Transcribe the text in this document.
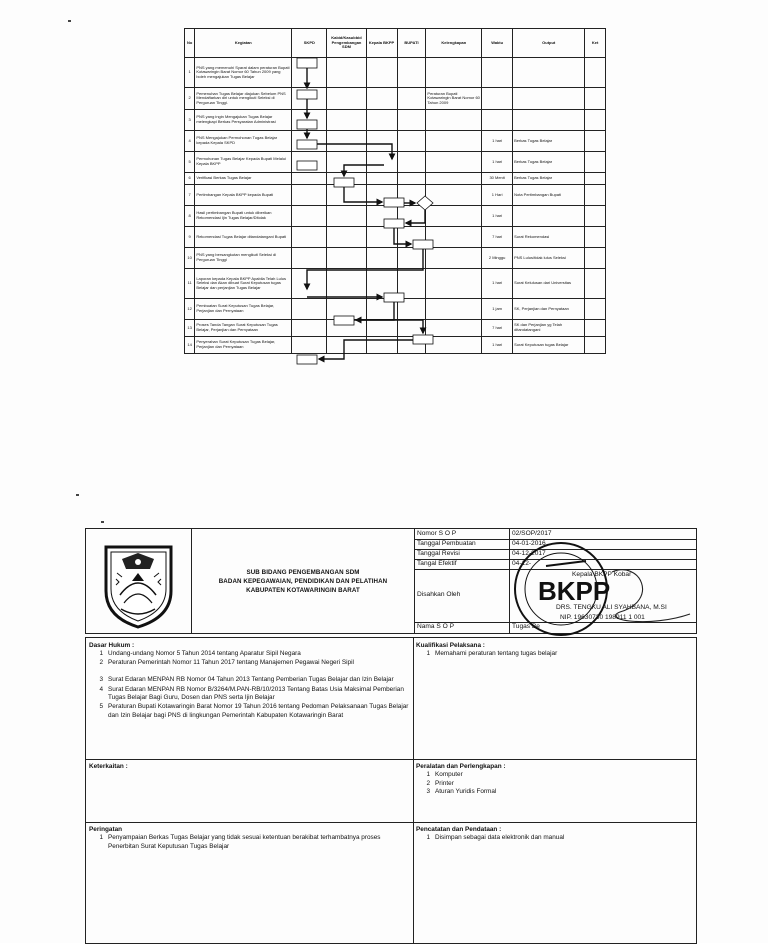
No	Kegiatan	SKPD	Kabid/Kasubbid Pengembangan SDM	Kepala BKPP	BUPATI	Kelengkapan	Waktu	Output	Ket
1	PNS yang memenuhi Syarat dalam peraturan Bupati Kotawaringin Barat Nomor 60 Tahun 2009 yang boleh mengajukan Tugas Belajar								
2	Pemenuhan Tugas Belajar diajukan Sebelum PNS Mendaftarkan diri untuk mengikuti Seleksi di Perguruan Tinggi.					Peraturan Bupati Kotawaringin Barat Nomor 60 Tahun 2009			
3	PNS yang ingin Mengajukan Tugas Belajar melengkapi Berkas Persyaratan Administrasi								
4	PNS Mengajukan Permohonan Tugas Belajar kepada Kepala SKPD						1 hari	Berkas Tugas Belajar	
5	Permohonan Tugas Belajar Kepada Bupati Melalui Kepala BKPP						1 hari	Berkas Tugas Belajar	
6	Verifikasi Berkas Tugas Belajar						30 Menit	Berkas Tugas Belajar	
7	Pertimbangan Kepala BKPP kepada Bupati						1 Hari	Nota Pertimbangan Bupati	
8	Hasil pertimbangan Bupati untuk diberikan Rekomendasi Ijin Tugas Belajar/Ditolak						1 hari		
9	Rekomendasi Tugas Belajar ditandatangani Bupati						7 hari	Surat Rekomendasi	
10	PNS yang bersangkutan mengikuti Seleksi di Perguruan Tinggi						2 Minggu	PNS Lulus/tidak lulus Seleksi	
11	Laporan kepada Kepala BKPP Apabila Telah Lulus Seleksi dan Akan dibuat Surat Keputusan tugas Belajar dan perjanjian Tugas Belajar						1 hari	Surat Kelulusan dari Universitas	
12	Pembuatan Surat Keputusan Tugas Belajar, Perjanjian dan Pernyataan						1 jam	SK, Perjanjian dan Pernyataan	
13	Proses Tanda Tangan Surat Keputusan Tugas Belajar, Perjanjian dan Pernyataan						7 hari	SK dan Perjanjian yg Telah ditandatangani	
14	Penyerahan Surat Keputusan Tugas Belajar, Perjanjian dan Pernyataan						1 hari	Surat Keputusan tugas Belajar	
SUB BIDANG PENGEMBANGAN SDM
BADAN KEPEGAWAIAN, PENDIDIKAN DAN PELATIHAN
KABUPATEN KOTAWARINGIN BARAT
Nomor S O P	02/SOP/2017
Tanggal Pembuatan	04-01-2016
Tanggal Revisi	04-12-2017
Tangal Efektif	04-12-
Disahkan Oleh
Nama S O P	Tugas Be
Kepala BKPP Kobar
DRS. TENGKU ALI SYAHBANA, M.SI
NIP. 19630730 198911 1 001
BKPP
Dasar Hukum :
1 Undang-undang Nomor 5 Tahun 2014 tentang Aparatur Sipil Negara
2 Peraturan Pemerintah Nomor 11 Tahun 2017 tentang Manajemen Pegawai Negeri Sipil
3 Surat Edaran MENPAN RB Nomor 04 Tahun 2013 Tentang Pemberian Tugas Belajar dan Izin Belajar
4 Surat Edaran MENPAN RB Nomor B/3264/M.PAN-RB/10/2013 Tentang Batas Usia Maksimal Pemberian Tugas Belajar Bagi Guru, Dosen dan PNS serta Ijin Belajar
5 Peraturan Bupati Kotawaringin Barat Nomor 19 Tahun 2016 tentang Pedoman Pelaksanaan Tugas Belajar dan Izin Belajar bagi PNS di lingkungan Pemerintah Kabupaten Kotawaringin Barat
Kualifikasi Pelaksana :
1 Memahami peraturan tentang tugas belajar
Keterkaitan :	Peralatan dan Perlengkapan :
1 Komputer
2 Printer
3 Aturan Yuridis Formal
Peringatan
1 Penyampaian Berkas Tugas Belajar yang tidak sesuai ketentuan berakibat terhambatnya proses Penerbitan Surat Keputusan Tugas Belajar
Pencatatan dan Pendataan :
1 Disimpan sebagai data elektronik dan manual
